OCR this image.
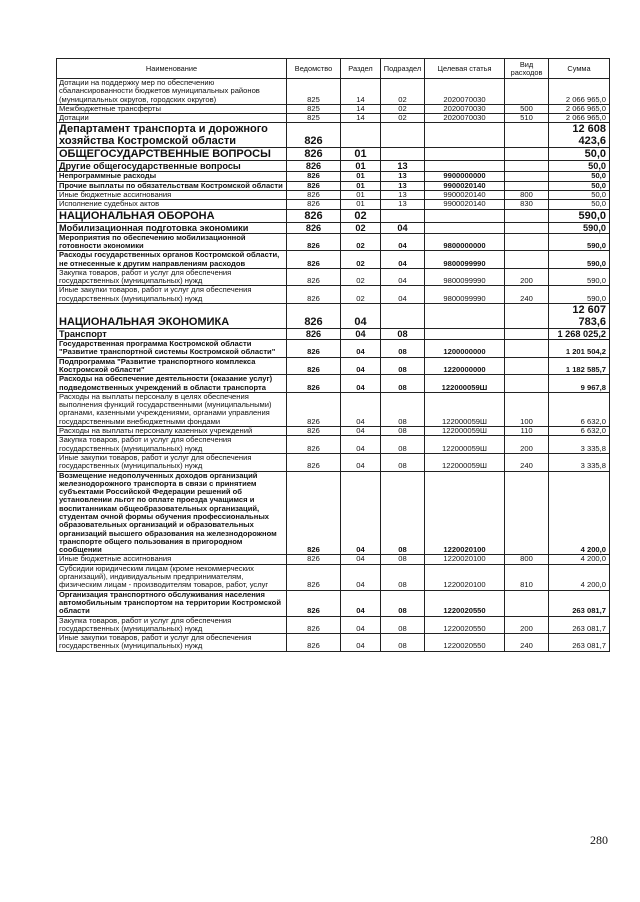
Наименование	Ведомство	Раздел	Подраздел	Целевая статья	Вид расходов	Сумма
Дотации на поддержку мер по обеспечению сбалансированности бюджетов муниципальных районов (муниципальных округов, городских округов)	825	14	02	2020070030		2 066 965,0
Межбюджетные трансферты	825	14	02	2020070030	500	2 066 965,0
Дотации	825	14	02	2020070030	510	2 066 965,0
Департамент транспорта и дорожного хозяйства Костромской области	826					12 608 423,6
ОБЩЕГОСУДАРСТВЕННЫЕ ВОПРОСЫ	826	01				50,0
Другие общегосударственные вопросы	826	01	13			50,0
Непрограммные расходы	826	01	13	9900000000		50,0
Прочие выплаты по обязательствам Костромской области	826	01	13	9900020140		50,0
Иные бюджетные ассигнования	826	01	13	9900020140	800	50,0
Исполнение судебных актов	826	01	13	9900020140	830	50,0
НАЦИОНАЛЬНАЯ ОБОРОНА	826	02				590,0
Мобилизационная подготовка экономики	826	02	04			590,0
Мероприятия по обеспечению мобилизационной готовности экономики	826	02	04	9800000000		590,0
Расходы государственных органов Костромской области, не отнесенные к другим направлениям расходов	826	02	04	9800099990		590,0
Закупка товаров, работ и услуг для обеспечения государственных (муниципальных) нужд	826	02	04	9800099990	200	590,0
Иные закупки товаров, работ и услуг для обеспечения государственных (муниципальных) нужд	826	02	04	9800099990	240	590,0
НАЦИОНАЛЬНАЯ ЭКОНОМИКА	826	04				12 607 783,6
Транспорт	826	04	08			1 268 025,2
Государственная программа Костромской области "Развитие транспортной системы Костромской области"	826	04	08	1200000000		1 201 504,2
Подпрограмма "Развитие транспортного комплекса Костромской области"	826	04	08	1220000000		1 182 585,7
Расходы на обеспечение деятельности (оказание услуг) подведомственных учреждений в области транспорта	826	04	08	122000059Ш		9 967,8
Расходы на выплаты персоналу в целях обеспечения выполнения функций государственными (муниципальными) органами, казенными учреждениями, органами управления государственными внебюджетными фондами	826	04	08	122000059Ш	100	6 632,0
Расходы на выплаты персоналу казенных учреждений	826	04	08	122000059Ш	110	6 632,0
Закупка товаров, работ и услуг для обеспечения государственных (муниципальных) нужд	826	04	08	122000059Ш	200	3 335,8
Иные закупки товаров, работ и услуг для обеспечения государственных (муниципальных) нужд	826	04	08	122000059Ш	240	3 335,8
Возмещение недополученных доходов организаций железнодорожного транспорта в связи с принятием субъектами Российской Федерации решений об установлении льгот по оплате проезда учащимся и воспитанникам общеобразовательных организаций, студентам очной формы обучения профессиональных образовательных организаций и образовательных организаций высшего образования на железнодорожном транспорте общего пользования в пригородном сообщении	826	04	08	1220020100		4 200,0
Иные бюджетные ассигнования	826	04	08	1220020100	800	4 200,0
Субсидии юридическим лицам (кроме некоммерческих организаций), индивидуальным предпринимателям, физическим лицам - производителям товаров, работ, услуг	826	04	08	1220020100	810	4 200,0
Организация транспортного обслуживания населения автомобильным транспортом на территории Костромской области	826	04	08	1220020550		263 081,7
Закупка товаров, работ и услуг для обеспечения государственных (муниципальных) нужд	826	04	08	1220020550	200	263 081,7
Иные закупки товаров, работ и услуг для обеспечения государственных (муниципальных) нужд	826	04	08	1220020550	240	263 081,7
280
